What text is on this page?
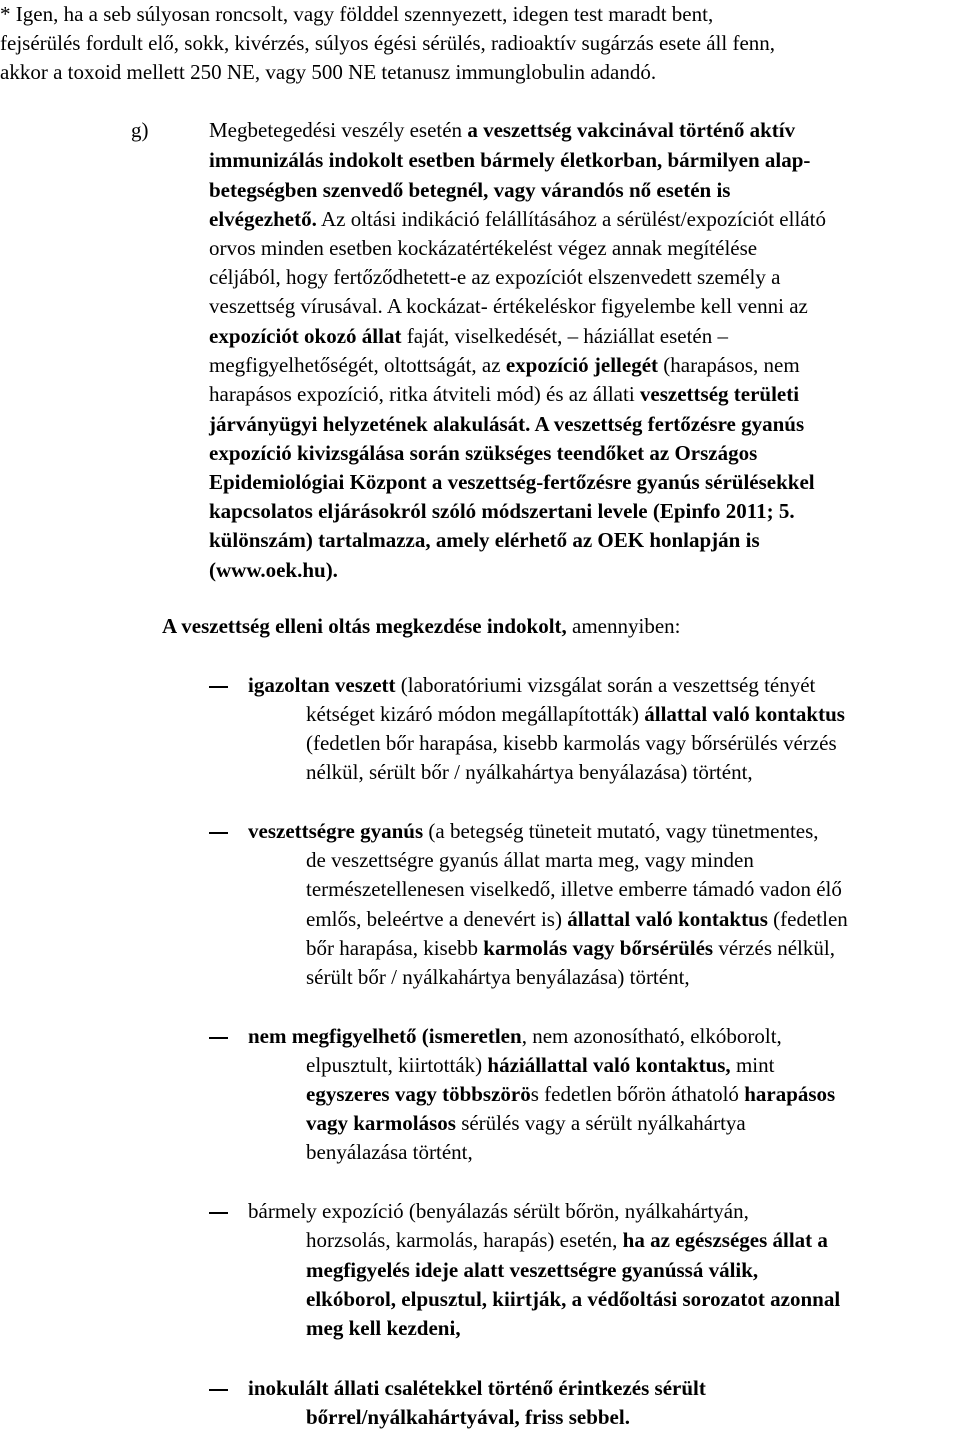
* Igen, ha a seb súlyosan roncsolt, vagy földdel szennyezett, idegen test maradt bent,
fejsérülés fordult elő, sokk, kivérzés, súlyos égési sérülés, radioaktív sugárzás esete áll fenn,
akkor a toxoid mellett 250 NE, vagy 500 NE tetanusz immunglobulin adandó.
g)	Megbetegedési veszély esetén a veszettség vakcinával történő aktív
immunizálás indokolt esetben bármely életkorban, bármilyen alap-
betegségben szenvedő betegnél, vagy várandós nő esetén is
elvégezhető. Az oltási indikáció felállításához a sérülést/expozíciót ellátó
orvos minden esetben kockázatértékelést végez annak megítélése
céljából, hogy fertőződhetett-e az expozíciót elszenvedett személy a
veszettség vírusával. A kockázat- értékeléskor figyelembe kell venni az
expozíciót okozó állat faját, viselkedését, – háziállat esetén –
megfigyelhetőségét, oltottságát, az expozíció jellegét (harapásos, nem
harapásos expozíció, ritka átviteli mód) és az állati veszettség területi
járványügyi helyzetének alakulását. A veszettség fertőzésre gyanús
expozíció kivizsgálása során szükséges teendőket az Országos
Epidemiológiai Központ a veszettség-fertőzésre gyanús sérülésekkel
kapcsolatos eljárásokról szóló módszertani levele (Epinfo 2011; 5.
különszám) tartalmazza, amely elérhető az OEK honlapján is
(www.oek.hu).
A veszettség elleni oltás megkezdése indokolt, amennyiben:
igazoltan veszett (laboratóriumi vizsgálat során a veszettség tényét
kétséget kizáró módon megállapították) állattal való kontaktus
(fedetlen bőr harapása, kisebb karmolás vagy bőrsérülés vérzés
nélkül, sérült bőr / nyálkahártya benyálazása) történt,
veszettségre gyanús (a betegség tüneteit mutató, vagy tünetmentes,
de veszettségre gyanús állat marta meg, vagy minden
természetellenesen viselkedő, illetve emberre támadó vadon élő
emlős, beleértve a denevért is) állattal való kontaktus (fedetlen
bőr harapása, kisebb karmolás vagy bőrsérülés vérzés nélkül,
sérült bőr / nyálkahártya benyálazása) történt,
nem megfigyelhető (ismeretlen, nem azonosítható, elkóborolt,
elpusztult, kiirtották) háziállattal való kontaktus, mint
egyszeres vagy többszörös fedetlen bőrön áthatoló harapásos
vagy karmolásos sérülés vagy a sérült nyálkahártya
benyálazása történt,
bármely expozíció (benyálazás sérült bőrön, nyálkahártyán,
horzsolás, karmolás, harapás) esetén, ha az egészséges állat a
megfigyelés ideje alatt veszettségre gyanússá válik,
elkóborol, elpusztul, kiirtják, a védőoltási sorozatot azonnal
meg kell kezdeni,
inokulált állati csalétekkel történő érintkezés sérült
bőrrel/nyálkahártyával, friss sebbel.
